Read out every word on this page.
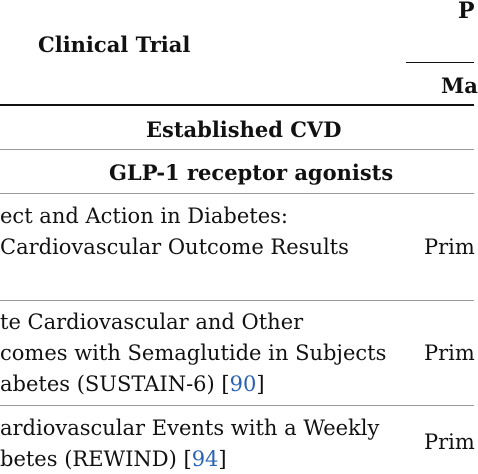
P
Clinical Trial
Ma
Established CVD
GLP-1 receptor agonists
ect and Action in Diabetes:
Cardiovascular Outcome Results	Prim
te Cardiovascular and Other
comes with Semaglutide in Subjects Prim
abetes (SUSTAIN-6) [90]
ardiovascular Events with a Weekly
Prim
betes (REWIND) [94]
